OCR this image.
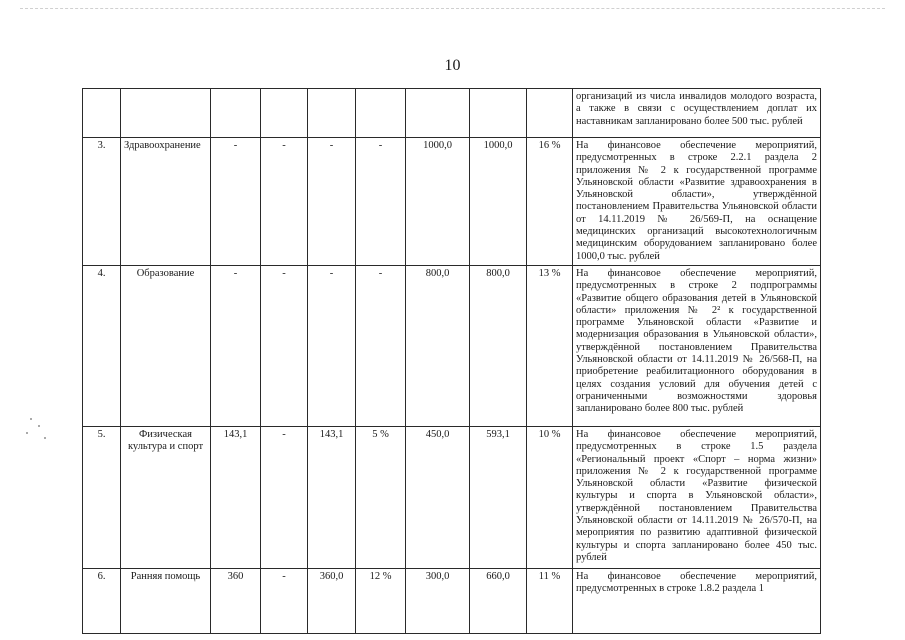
10

									организаций из числа инвалидов молодого возраста, а также в связи с осуществлением доплат их наставникам запланировано более 500 тыс. рублей

3.	Здравоохранение	-	-	-	-	1000,0	1000,0	16 %	На финансовое обеспечение мероприятий, предусмотренных в строке 2.2.1 раздела 2 приложения № 2 к государственной программе Ульяновской области «Развитие здравоохранения в Ульяновской области», утверждённой постановлением Правительства Ульяновской области от 14.11.2019 № 26/569-П, на оснащение медицинских организаций высокотехнологичным медицинским оборудованием запланировано более 1000,0 тыс. рублей

4.	Образование	-	-	-	-	800,0	800,0	13 %	На финансовое обеспечение мероприятий, предусмотренных в строке 2 подпрограммы «Развитие общего образования детей в Ульяновской области» приложения № 2² к государственной программе Ульяновской области «Развитие и модернизация образования в Ульяновской области», утверждённой постановлением Правительства Ульяновской области от 14.11.2019 № 26/568-П, на приобретение реабилитационного оборудования в целях создания условий для обучения детей с ограниченными возможностями здоровья запланировано более 800 тыс. рублей

5.	Физическая культура и спорт	143,1	-	143,1	5 %	450,0	593,1	10 %	На финансовое обеспечение мероприятий, предусмотренных в строке 1.5 раздела «Региональный проект «Спорт – норма жизни» приложения № 2 к государственной программе Ульяновской области «Развитие физической культуры и спорта в Ульяновской области», утверждённой постановлением Правительства Ульяновской области от 14.11.2019 № 26/570-П, на мероприятия по развитию адаптивной физической культуры и спорта запланировано более 450 тыс. рублей

6.	Ранняя помощь	360	-	360,0	12 %	300,0	660,0	11 %	На финансовое обеспечение мероприятий, предусмотренных в строке 1.8.2 раздела 1
